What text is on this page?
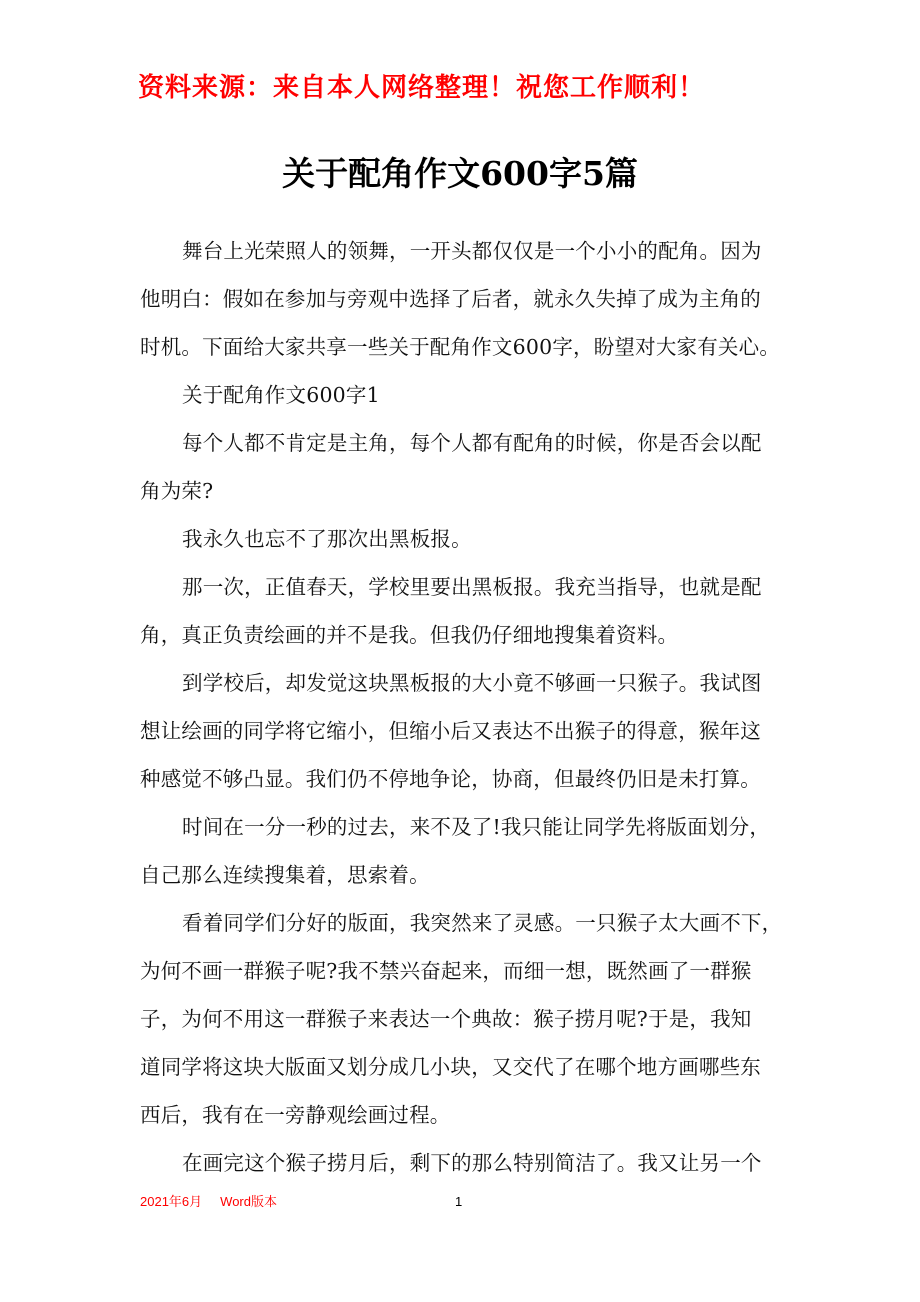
资料来源：来自本人网络整理！祝您工作顺利！
关于配角作文600字5篇

舞台上光荣照人的领舞，一开头都仅仅是一个小小的配角。因为

他明白：假如在参加与旁观中选择了后者，就永久失掉了成为主角的

时机。下面给大家共享一些关于配角作文600字，盼望对大家有关心。

关于配角作文600字1

每个人都不肯定是主角，每个人都有配角的时候，你是否会以配

角为荣?

我永久也忘不了那次出黑板报。

那一次，正值春天，学校里要出黑板报。我充当指导，也就是配

角，真正负责绘画的并不是我。但我仍仔细地搜集着资料。

到学校后，却发觉这块黑板报的大小竟不够画一只猴子。我试图

想让绘画的同学将它缩小，但缩小后又表达不出猴子的得意，猴年这

种感觉不够凸显。我们仍不停地争论，协商，但最终仍旧是未打算。

时间在一分一秒的过去，来不及了!我只能让同学先将版面划分，

自己那么连续搜集着，思索着。

看着同学们分好的版面，我突然来了灵感。一只猴子太大画不下，

为何不画一群猴子呢?我不禁兴奋起来，而细一想，既然画了一群猴

子，为何不用这一群猴子来表达一个典故：猴子捞月呢?于是，我知

道同学将这块大版面又划分成几小块，又交代了在哪个地方画哪些东

西后，我有在一旁静观绘画过程。

在画完这个猴子捞月后，剩下的那么特别简洁了。我又让另一个

2021年6月 Word版本	1
